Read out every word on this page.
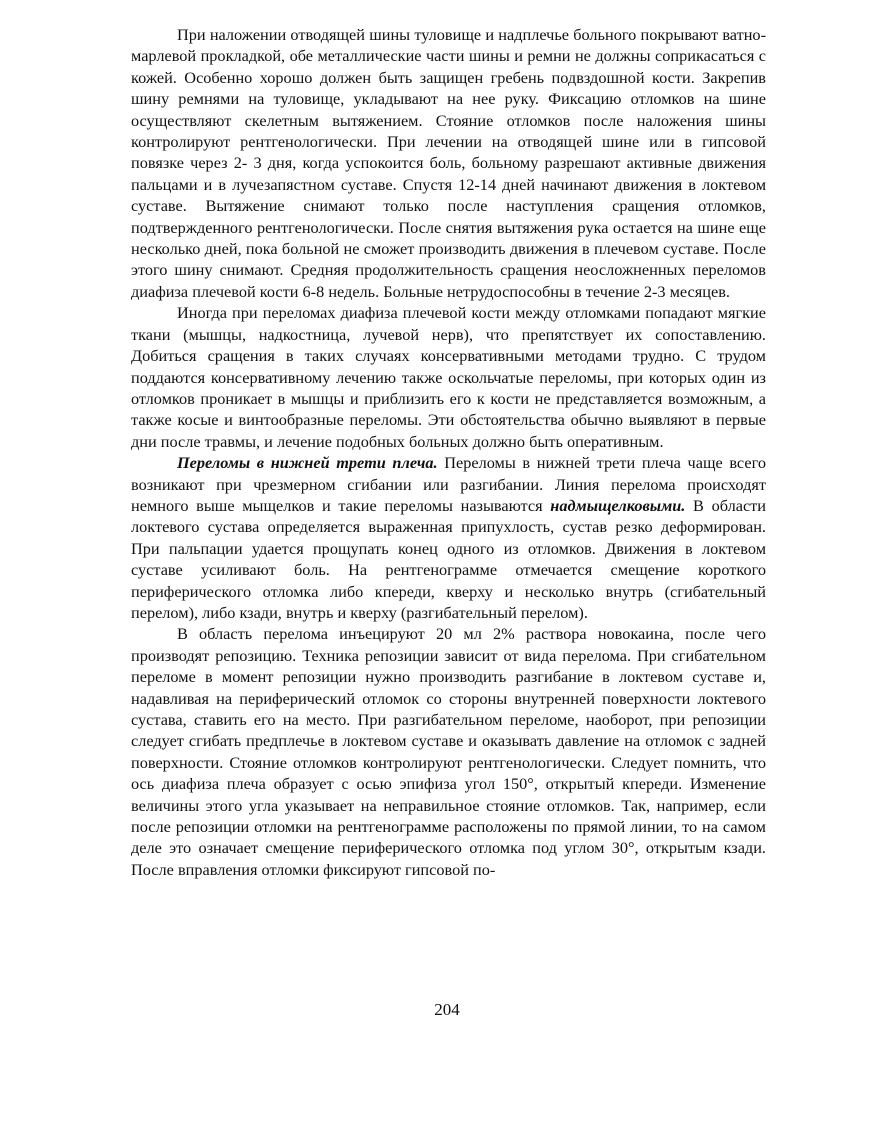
При наложении отводящей шины туловище и надплечье больного покрывают ватно-марлевой прокладкой, обе металлические части шины и ремни не должны соприкасаться с кожей. Особенно хорошо должен быть защищен гребень подвздошной кости. Закрепив шину ремнями на туловище, укладывают на нее руку. Фиксацию отломков на шине осуществляют скелетным вытяжением. Стояние отломков после наложения шины контролируют рентгенологически. При лечении на отводящей шине или в гипсовой повязке через 2- 3 дня, когда успокоится боль, больному разрешают активные движения пальцами и в лучезапястном суставе. Спустя 12-14 дней начинают движения в локтевом суставе. Вытяжение снимают только после наступления сращения отломков, подтвержденного рентгенологически. После снятия вытяжения рука остается на шине еще несколько дней, пока больной не сможет производить движения в плечевом суставе. После этого шину снимают. Средняя продолжительность сращения неосложненных переломов диафиза плечевой кости 6-8 недель. Больные нетрудоспособны в течение 2-3 месяцев.

Иногда при переломах диафиза плечевой кости между отломками попадают мягкие ткани (мышцы, надкостница, лучевой нерв), что препятствует их сопоставлению. Добиться сращения в таких случаях консервативными методами трудно. С трудом поддаются консервативному лечению также оскольчатые переломы, при которых один из отломков проникает в мышцы и приблизить его к кости не представляется возможным, а также косые и винтообразные переломы. Эти обстоятельства обычно выявляют в первые дни после травмы, и лечение подобных больных должно быть оперативным.

Переломы в нижней трети плеча. Переломы в нижней трети плеча чаще всего возникают при чрезмерном сгибании или разгибании. Линия перелома происходят немного выше мыщелков и такие переломы называются надмыщелковыми. В области локтевого сустава определяется выраженная припухлость, сустав резко деформирован. При пальпации удается прощупать конец одного из отломков. Движения в локтевом суставе усиливают боль. На рентгенограмме отмечается смещение короткого периферического отломка либо кпереди, кверху и несколько внутрь (сгибательный перелом), либо кзади, внутрь и кверху (разгибательный перелом).

В область перелома инъецируют 20 мл 2% раствора новокаина, после чего производят репозицию. Техника репозиции зависит от вида перелома. При сгибательном переломе в момент репозиции нужно производить разгибание в локтевом суставе и, надавливая на периферический отломок со стороны внутренней поверхности локтевого сустава, ставить его на место. При разгибательном переломе, наоборот, при репозиции следует сгибать предплечье в локтевом суставе и оказывать давление на отломок с задней поверхности. Стояние отломков контролируют рентгенологически. Следует помнить, что ось диафиза плеча образует с осью эпифиза угол 150°, открытый кпереди. Изменение величины этого угла указывает на неправильное стояние отломков. Так, например, если после репозиции отломки на рентгенограмме расположены по прямой линии, то на самом деле это означает смещение периферического отломка под углом 30°, открытым кзади. После вправления отломки фиксируют гипсовой по-

204
